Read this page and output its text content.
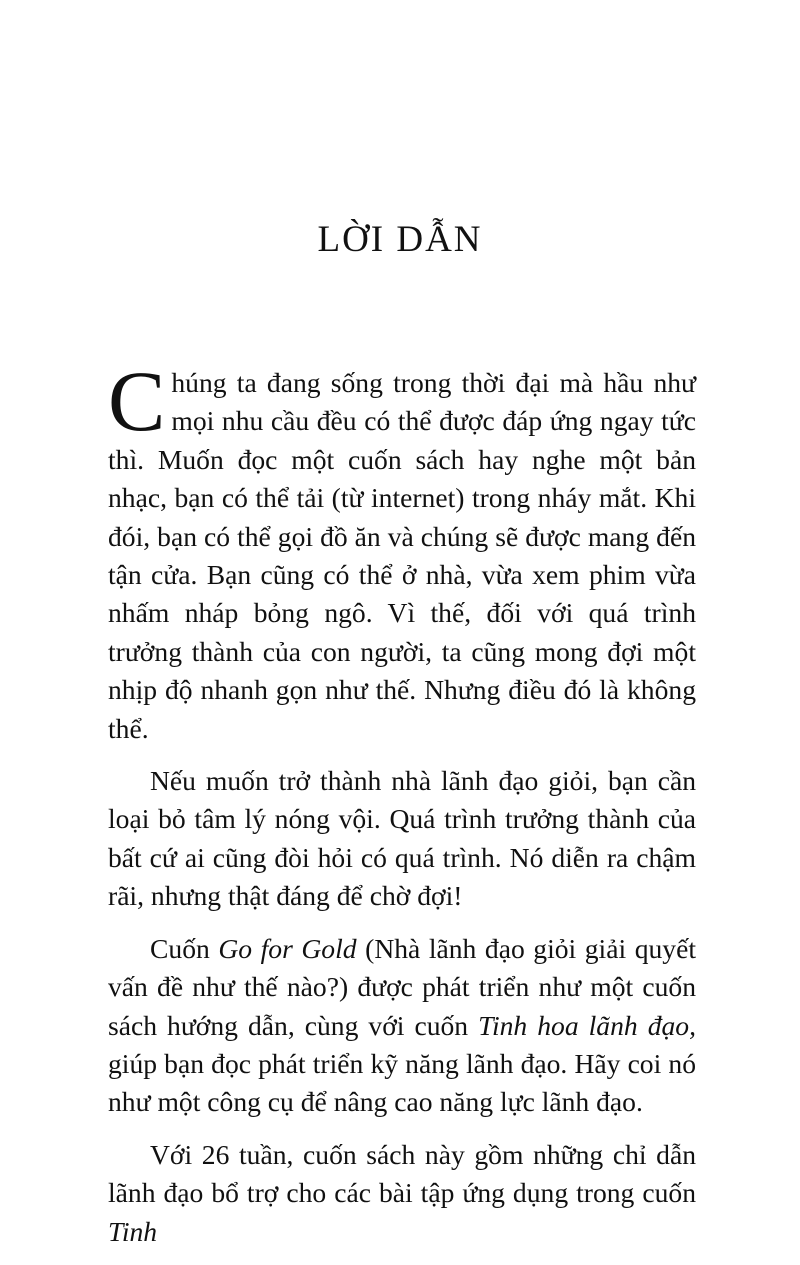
LỜI DẪN

Chúng ta đang sống trong thời đại mà hầu như mọi nhu cầu đều có thể được đáp ứng ngay tức thì. Muốn đọc một cuốn sách hay nghe một bản nhạc, bạn có thể tải (từ internet) trong nháy mắt. Khi đói, bạn có thể gọi đồ ăn và chúng sẽ được mang đến tận cửa. Bạn cũng có thể ở nhà, vừa xem phim vừa nhấm nháp bỏng ngô. Vì thế, đối với quá trình trưởng thành của con người, ta cũng mong đợi một nhịp độ nhanh gọn như thế. Nhưng điều đó là không thể.

Nếu muốn trở thành nhà lãnh đạo giỏi, bạn cần loại bỏ tâm lý nóng vội. Quá trình trưởng thành của bất cứ ai cũng đòi hỏi có quá trình. Nó diễn ra chậm rãi, nhưng thật đáng để chờ đợi!

Cuốn Go for Gold (Nhà lãnh đạo giỏi giải quyết vấn đề như thế nào?) được phát triển như một cuốn sách hướng dẫn, cùng với cuốn Tinh hoa lãnh đạo, giúp bạn đọc phát triển kỹ năng lãnh đạo. Hãy coi nó như một công cụ để nâng cao năng lực lãnh đạo.

Với 26 tuần, cuốn sách này gồm những chỉ dẫn lãnh đạo bổ trợ cho các bài tập ứng dụng trong cuốn Tinh
